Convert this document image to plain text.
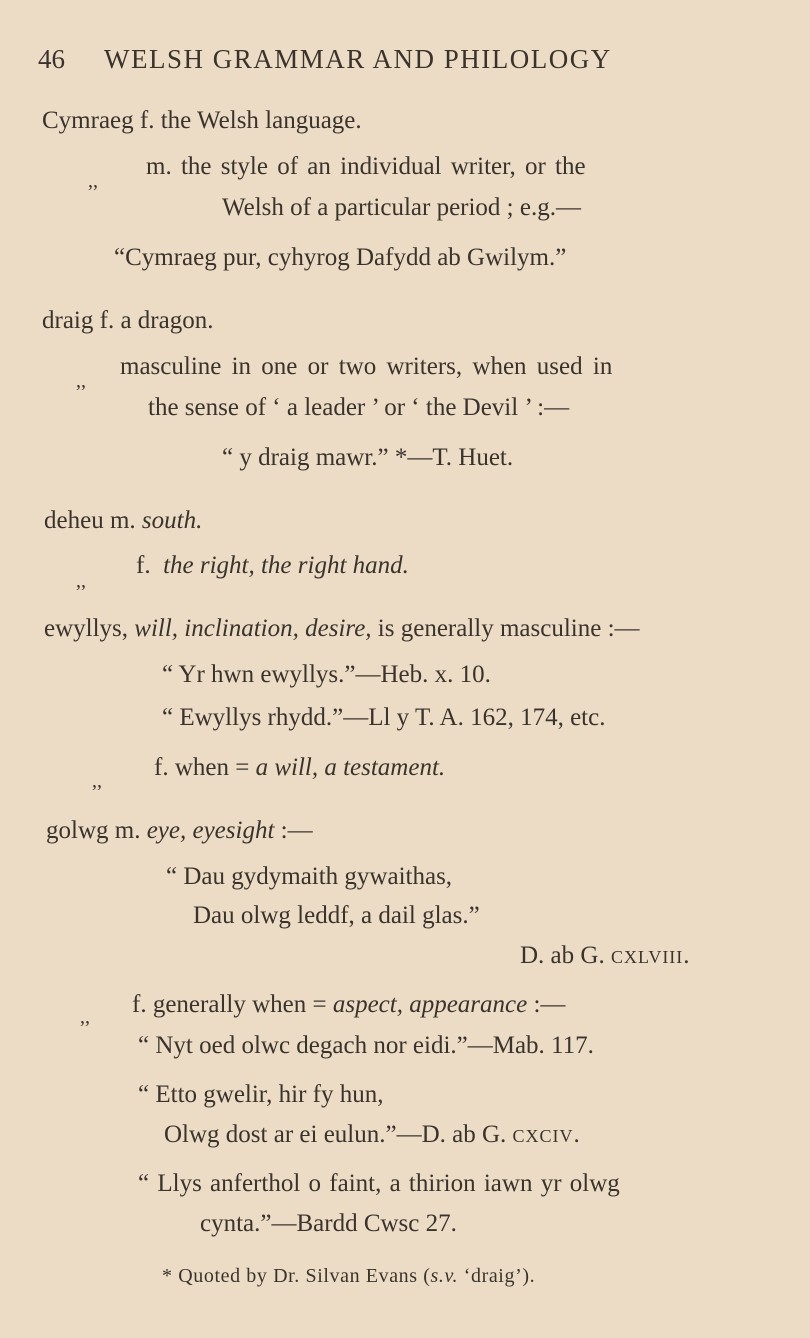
46 WELSH GRAMMAR AND PHILOLOGY
Cymraeg f. the Welsh language.
,,
m. the style of an individual writer, or the
Welsh of a particular period ; e.g.—
“Cymraeg pur, cyhyrog Dafydd ab Gwilym.”
draig f. a dragon.
,,
masculine in one or two writers, when used in
the sense of ‘ a leader ’ or ‘ the Devil ’ :—
“ y draig mawr.” *—T. Huet.
deheu m. south.
,,
f. the right, the right hand.
ewyllys, will, inclination, desire, is generally masculine :—
“ Yr hwn ewyllys.”—Heb. x. 10.
“ Ewyllys rhydd.”—Ll y T. A. 162, 174, etc.
,, f. when = a will, a testament.
golwg m. eye, eyesight :—
“ Dau gydymaith gywaithas,
Dau olwg leddf, a dail glas.”
D. ab G. cxlviii.
,, f. generally when = aspect, appearance :—
“ Nyt oed olwc degach nor eidi.”—Mab. 117.
“ Etto gwelir, hir fy hun,
Olwg dost ar ei eulun.”—D. ab G. cxciv.
“ Llys anferthol o faint, a thirion iawn yr olwg
cynta.”—Bardd Cwsc 27.
* Quoted by Dr. Silvan Evans (s.v. ‘draig’).
